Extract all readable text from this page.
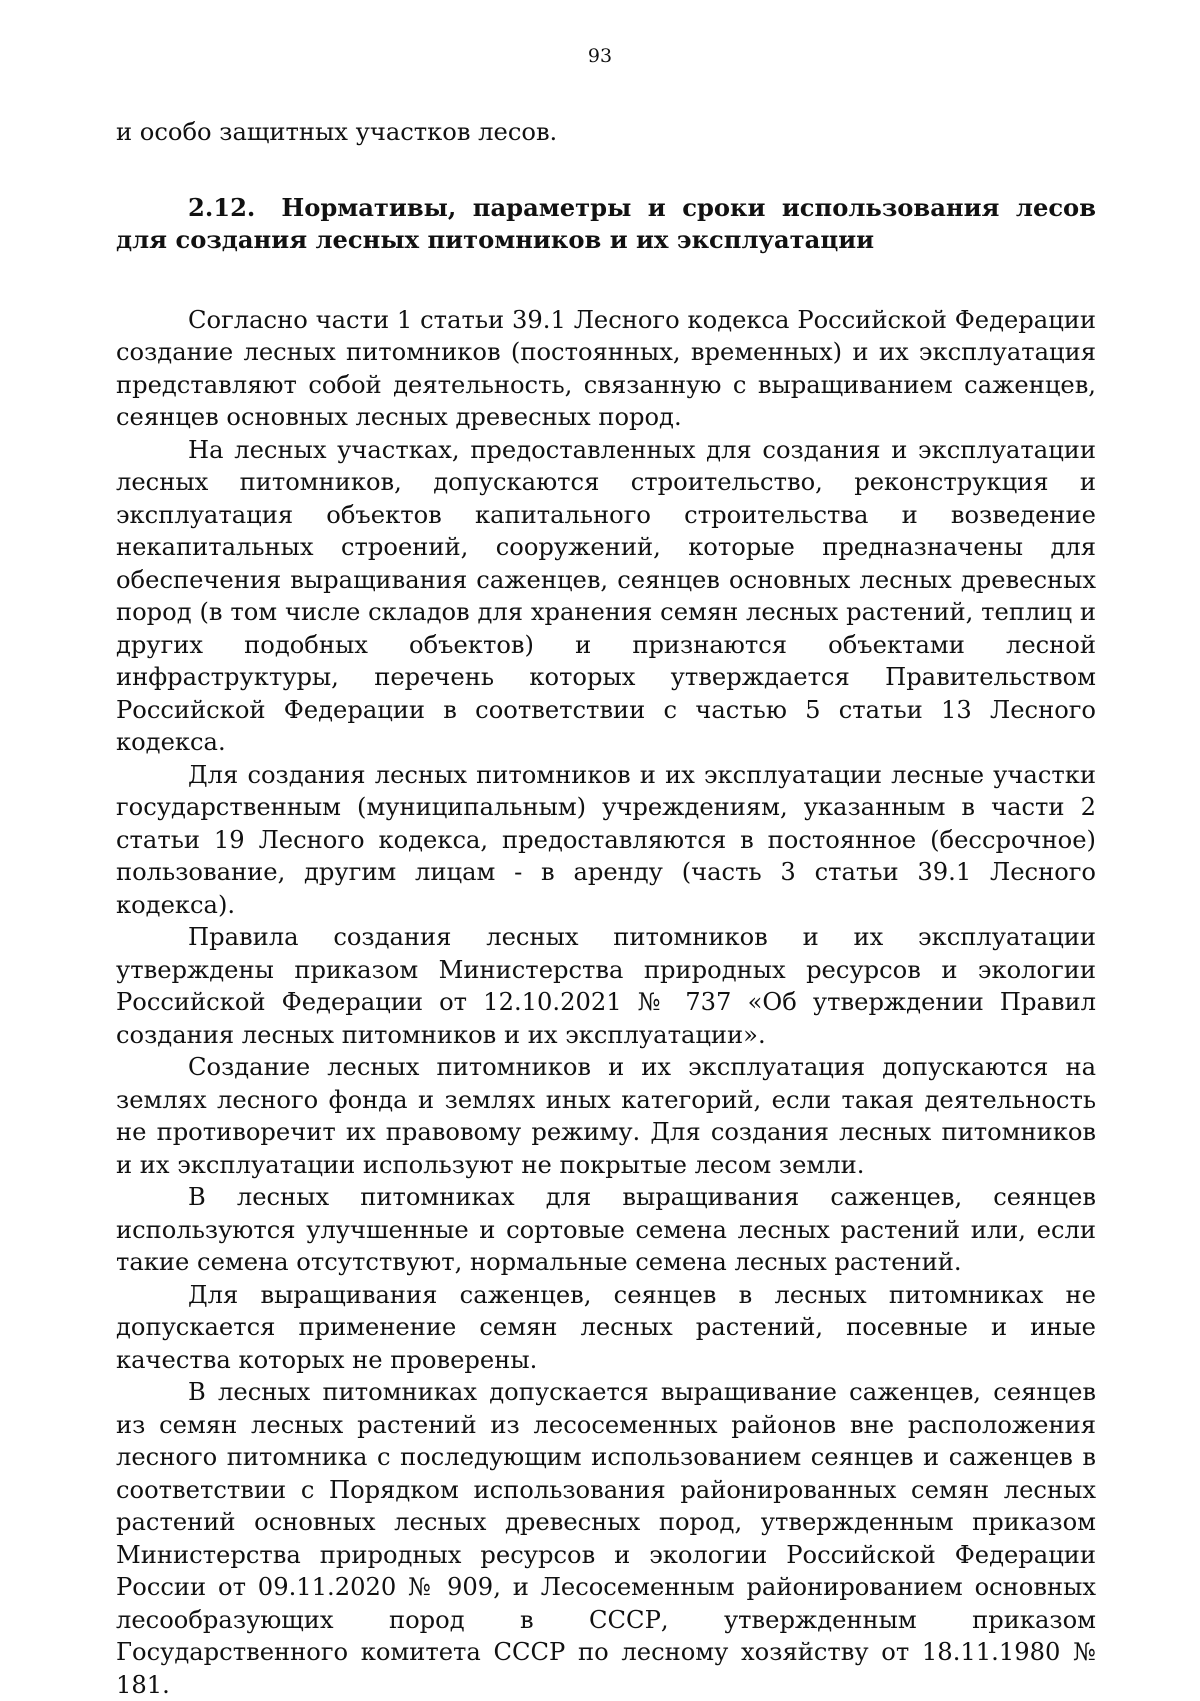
93

и особо защитных участков лесов.

2.12. Нормативы, параметры и сроки использования лесов для создания лесных питомников и их эксплуатации

Согласно части 1 статьи 39.1 Лесного кодекса Российской Федерации создание лесных питомников (постоянных, временных) и их эксплуатация представляют собой деятельность, связанную с выращиванием саженцев, сеянцев основных лесных древесных пород.

На лесных участках, предоставленных для создания и эксплуатации лесных питомников, допускаются строительство, реконструкция и эксплуатация объектов капитального строительства и возведение некапитальных строений, сооружений, которые предназначены для обеспечения выращивания саженцев, сеянцев основных лесных древесных пород (в том числе складов для хранения семян лесных растений, теплиц и других подобных объектов) и признаются объектами лесной инфраструктуры, перечень которых утверждается Правительством Российской Федерации в соответствии с частью 5 статьи 13 Лесного кодекса.

Для создания лесных питомников и их эксплуатации лесные участки государственным (муниципальным) учреждениям, указанным в части 2 статьи 19 Лесного кодекса, предоставляются в постоянное (бессрочное) пользование, другим лицам - в аренду (часть 3 статьи 39.1 Лесного кодекса).

Правила создания лесных питомников и их эксплуатации утверждены приказом Министерства природных ресурсов и экологии Российской Федерации от 12.10.2021 № 737 «Об утверждении Правил создания лесных питомников и их эксплуатации».

Создание лесных питомников и их эксплуатация допускаются на землях лесного фонда и землях иных категорий, если такая деятельность не противоречит их правовому режиму. Для создания лесных питомников и их эксплуатации используют не покрытые лесом земли.

В лесных питомниках для выращивания саженцев, сеянцев используются улучшенные и сортовые семена лесных растений или, если такие семена отсутствуют, нормальные семена лесных растений.

Для выращивания саженцев, сеянцев в лесных питомниках не допускается применение семян лесных растений, посевные и иные качества которых не проверены.

В лесных питомниках допускается выращивание саженцев, сеянцев из семян лесных растений из лесосеменных районов вне расположения лесного питомника с последующим использованием сеянцев и саженцев в соответствии с Порядком использования районированных семян лесных растений основных лесных древесных пород, утвержденным приказом Министерства природных ресурсов и экологии Российской Федерации России от 09.11.2020 № 909, и Лесосеменным районированием основных лесообразующих пород в СССР, утвержденным приказом Государственного комитета СССР по лесному хозяйству от 18.11.1980 № 181.
